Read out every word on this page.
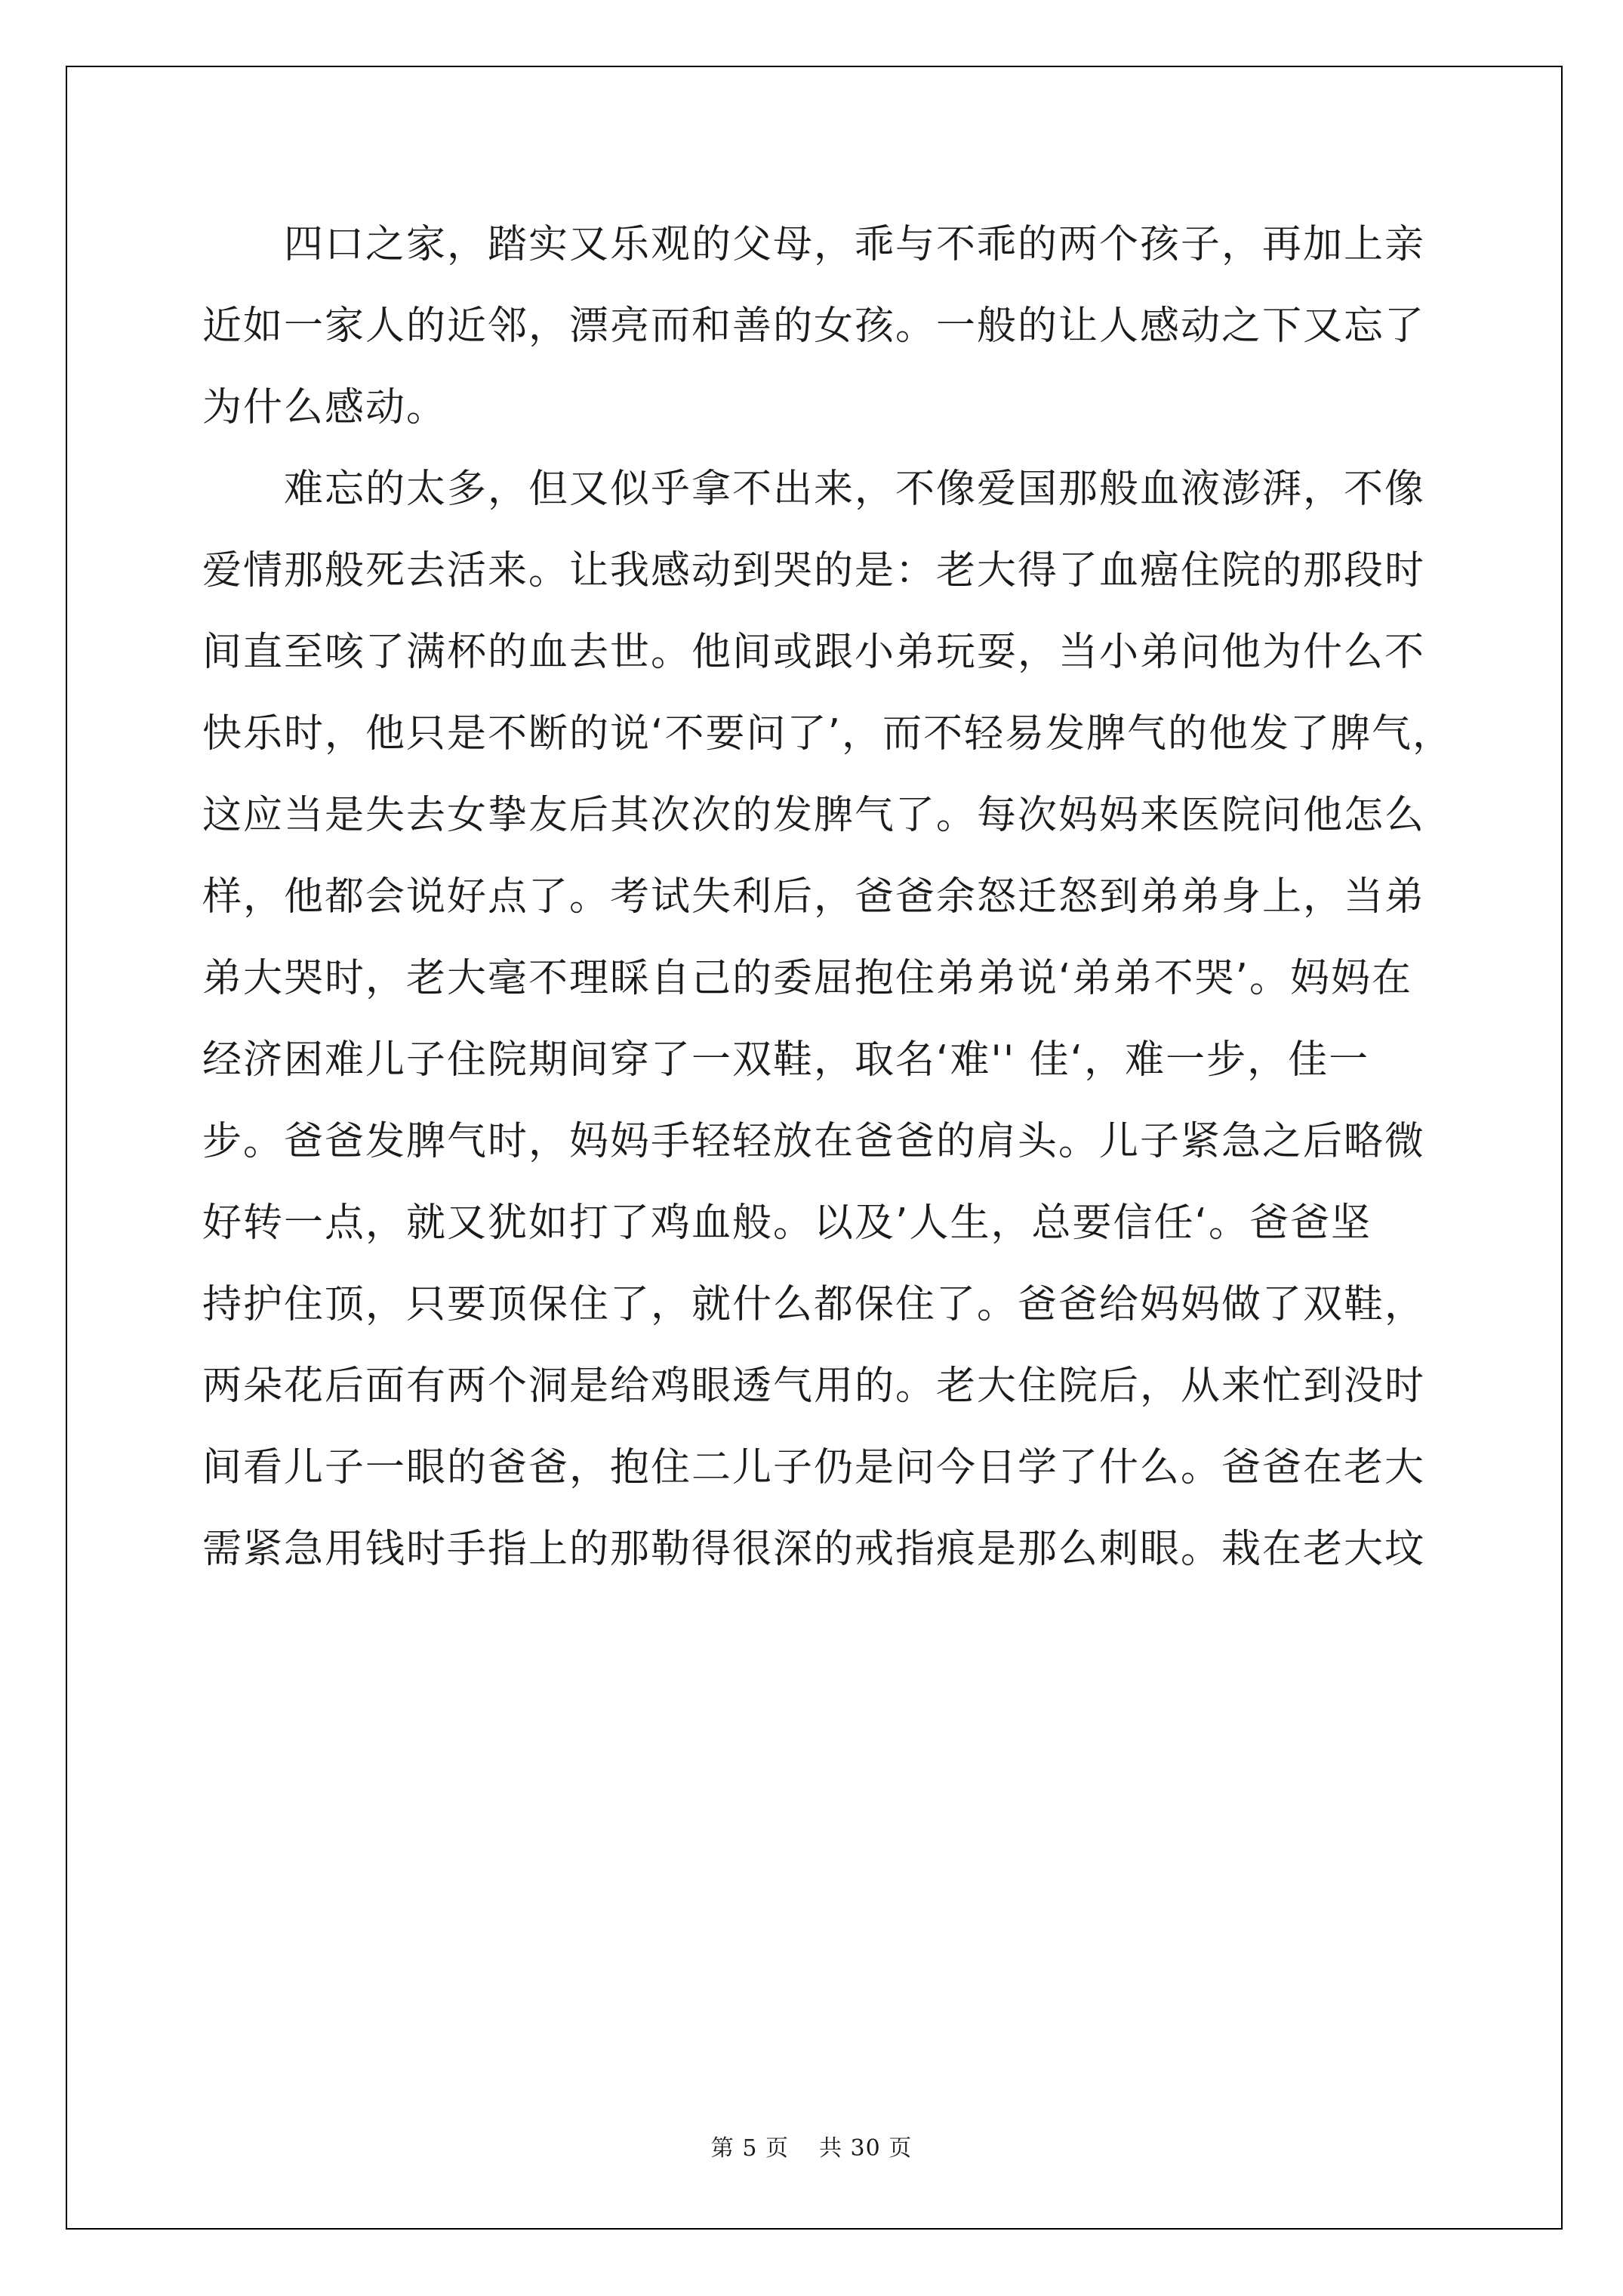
四口之家，踏实又乐观的父母，乖与不乖的两个孩子，再加上亲
近如一家人的近邻，漂亮而和善的女孩。一般的让人感动之下又忘了
为什么感动。
难忘的太多，但又似乎拿不出来，不像爱国那般血液澎湃，不像
爱情那般死去活来。让我感动到哭的是：老大得了血癌住院的那段时
间直至咳了满杯的血去世。他间或跟小弟玩耍，当小弟问他为什么不
快乐时，他只是不断的说‘不要问了’，而不轻易发脾气的他发了脾气，
这应当是失去女挚友后其次次的发脾气了。每次妈妈来医院问他怎么
样，他都会说好点了。考试失利后，爸爸余怒迁怒到弟弟身上，当弟
弟大哭时，老大毫不理睬自己的委屈抱住弟弟说‘弟弟不哭’。妈妈在
经济困难儿子住院期间穿了一双鞋，取名‘难'' 佳‘，难一步，佳一
步。爸爸发脾气时，妈妈手轻轻放在爸爸的肩头。儿子紧急之后略微
好转一点，就又犹如打了鸡血般。以及’人生，总要信任‘。爸爸坚
持护住顶，只要顶保住了，就什么都保住了。爸爸给妈妈做了双鞋，
两朵花后面有两个洞是给鸡眼透气用的。老大住院后，从来忙到没时
间看儿子一眼的爸爸，抱住二儿子仍是问今日学了什么。爸爸在老大
需紧急用钱时手指上的那勒得很深的戒指痕是那么刺眼。栽在老大坟
第 5 页 共 30 页
